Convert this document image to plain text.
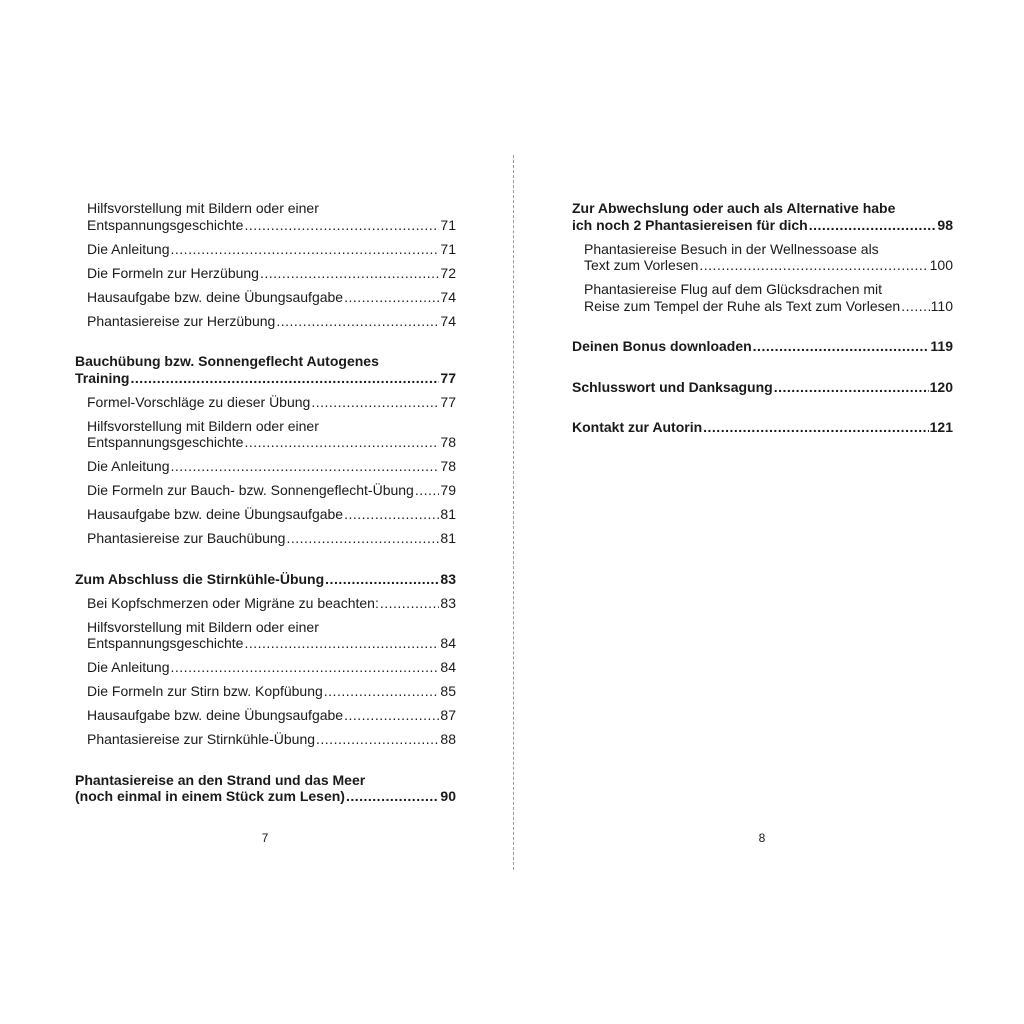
Hilfsvorstellung mit Bildern oder einer
Entspannungsgeschichte .....	71
Die Anleitung .....	71
Die Formeln zur Herzübung .....	72
Hausaufgabe bzw. deine Übungsaufgabe .....	74
Phantasiereise zur Herzübung .....	74
Bauchübung bzw. Sonnengeflecht Autogenes
Training .....	77
Formel-Vorschläge zu dieser Übung .....	77
Hilfsvorstellung mit Bildern oder einer
Entspannungsgeschichte .....	78
Die Anleitung .....	78
Die Formeln zur Bauch- bzw. Sonnengeflecht-Übung ..... 79
Hausaufgabe bzw. deine Übungsaufgabe .....	81
Phantasiereise zur Bauchübung .....	81
Zum Abschluss die Stirnkühle-Übung .....	83
Bei Kopfschmerzen oder Migräne zu beachten: .....	83
Hilfsvorstellung mit Bildern oder einer
Entspannungsgeschichte .....	84
Die Anleitung .....	84
Die Formeln zur Stirn bzw. Kopfübung .....	85
Hausaufgabe bzw. deine Übungsaufgabe .....	87
Phantasiereise zur Stirnkühle-Übung .....	88
Phantasiereise an den Strand und das Meer
(noch einmal in einem Stück zum Lesen) .....	90
7
Zur Abwechslung oder auch als Alternative habe
ich noch 2 Phantasiereisen für dich .....	98
Phantasiereise Besuch in der Wellnessoase als
Text zum Vorlesen .....	100
Phantasiereise Flug auf dem Glücksdrachen mit
Reise zum Tempel der Ruhe als Text zum Vorlesen ..... 110
Deinen Bonus downloaden .....	119
Schlusswort und Danksagung .....	120
Kontakt zur Autorin .....	121
8
